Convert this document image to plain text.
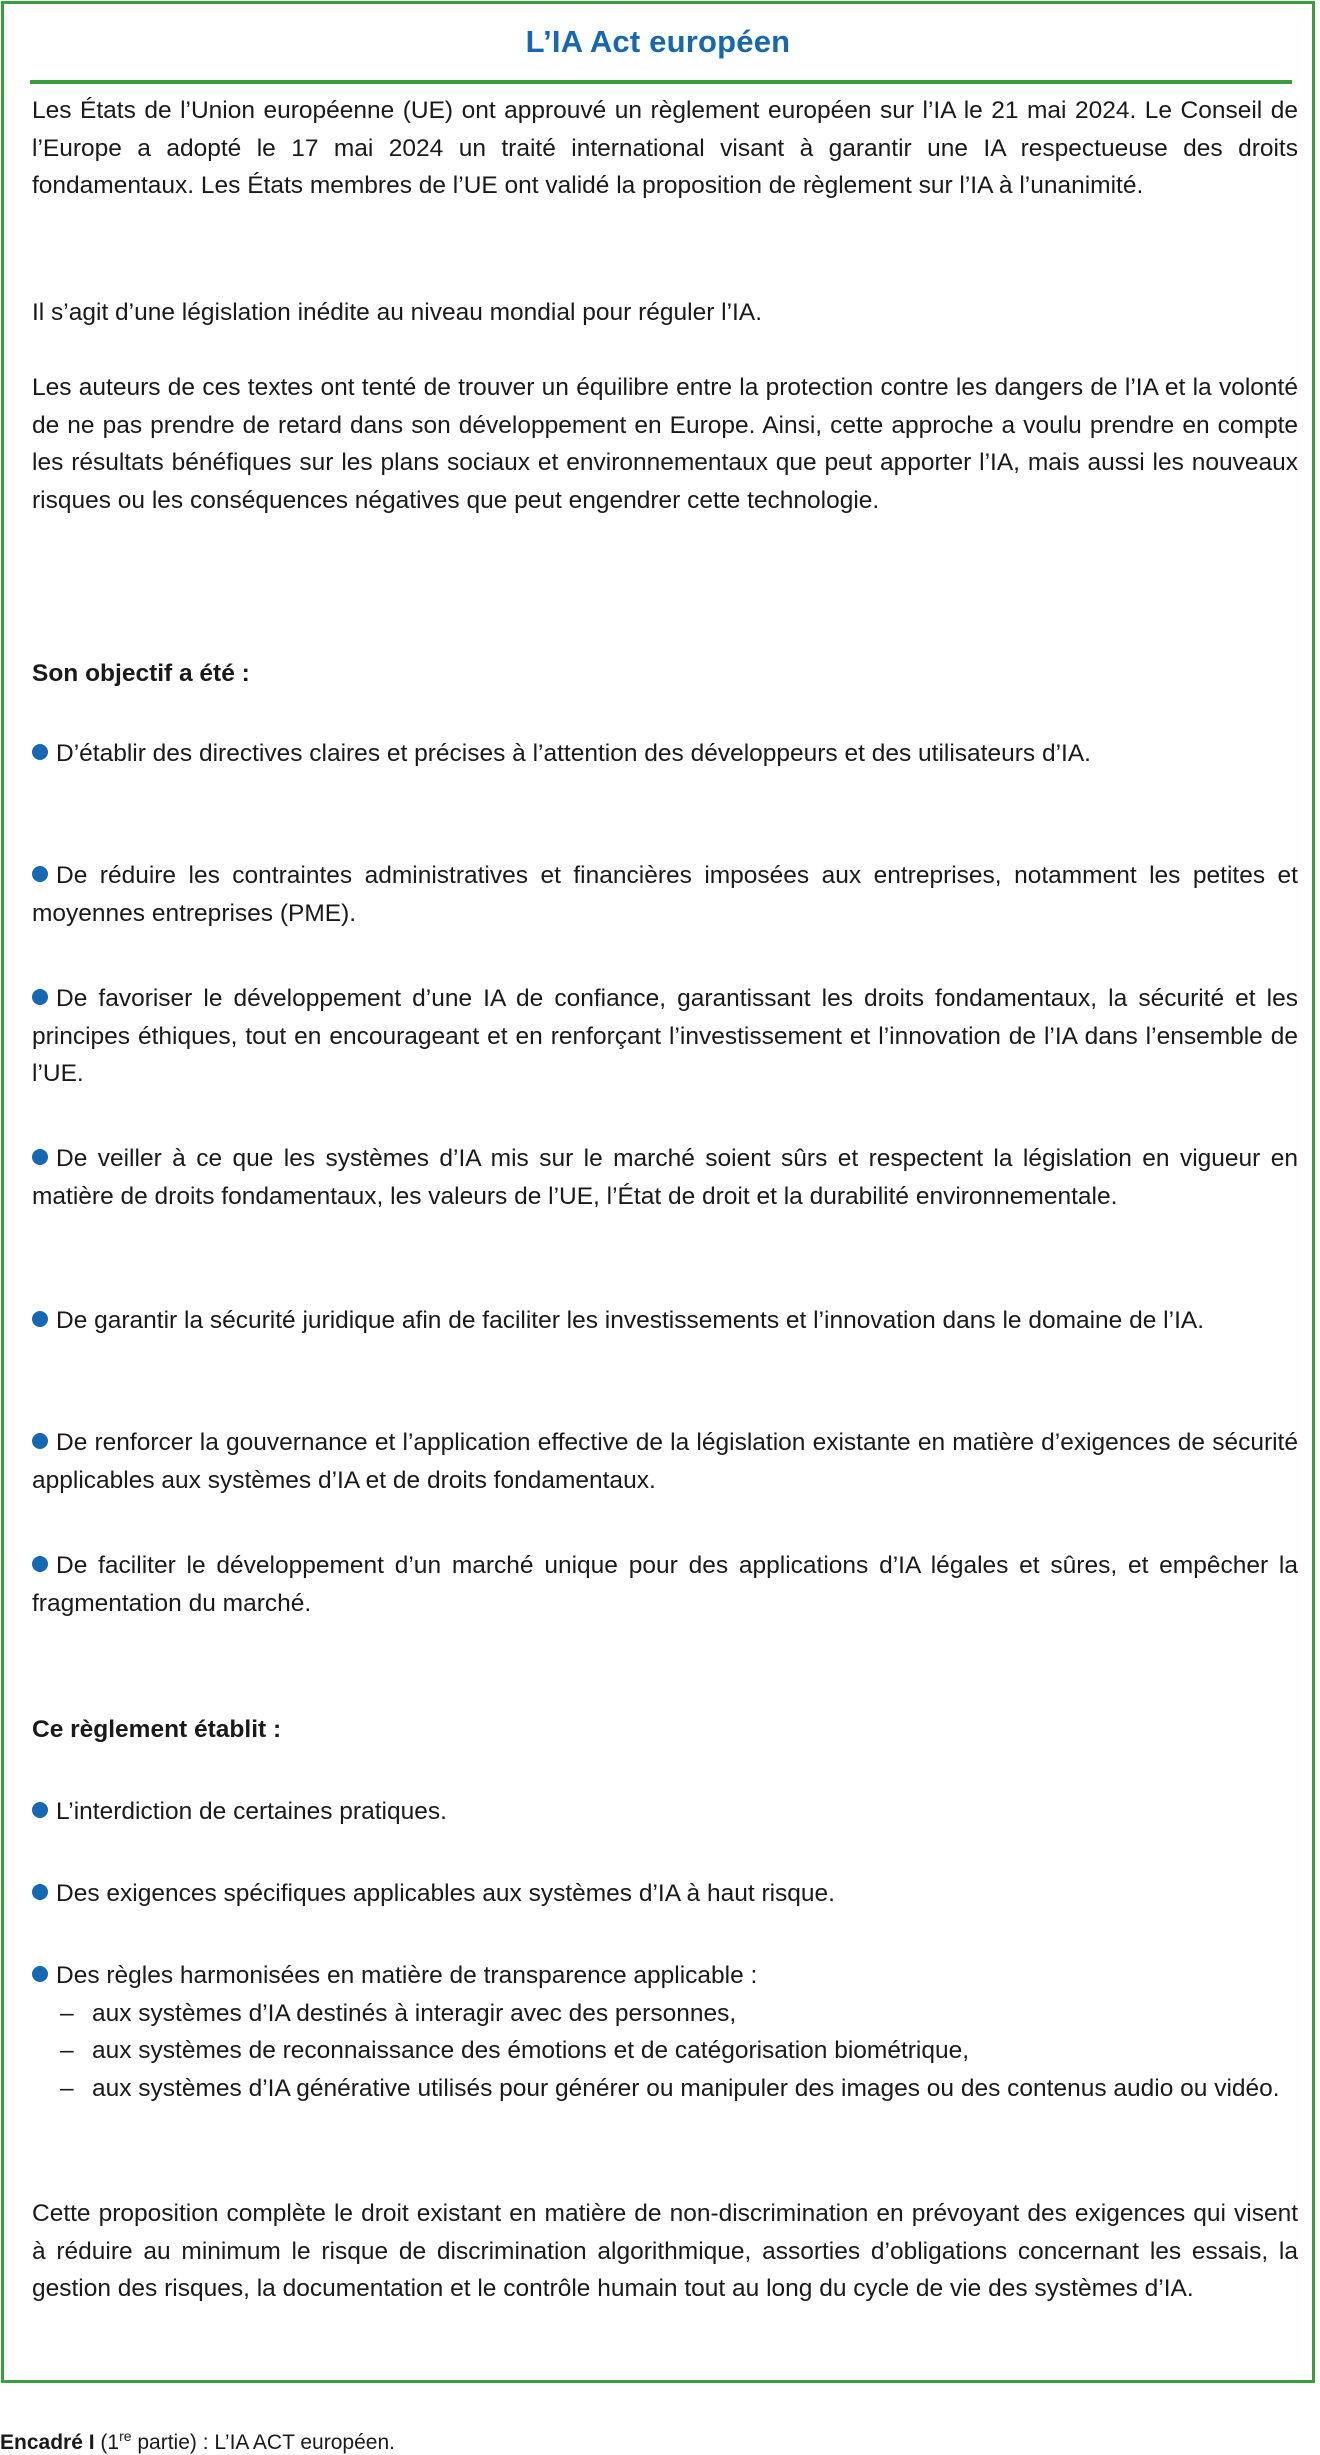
L’IA Act européen

Les États de l’Union européenne (UE) ont approuvé un règlement européen sur l’IA le 21 mai 2024. Le Conseil de l’Europe a adopté le 17 mai 2024 un traité international visant à garantir une IA respectueuse des droits fondamentaux. Les États membres de l’UE ont validé la proposition de règlement sur l’IA à l’unanimité.

Il s’agit d’une législation inédite au niveau mondial pour réguler l’IA.

Les auteurs de ces textes ont tenté de trouver un équilibre entre la protection contre les dangers de l’IA et la volonté de ne pas prendre de retard dans son développement en Europe. Ainsi, cette approche a voulu prendre en compte les résultats bénéfiques sur les plans sociaux et environnementaux que peut apporter l’IA, mais aussi les nouveaux risques ou les conséquences négatives que peut engendrer cette technologie.

Son objectif a été :

D’établir des directives claires et précises à l’attention des développeurs et des utilisateurs d’IA.

De réduire les contraintes administratives et financières imposées aux entreprises, notamment les petites et moyennes entreprises (PME).

De favoriser le développement d’une IA de confiance, garantissant les droits fondamentaux, la sécurité et les principes éthiques, tout en encourageant et en renforçant l’investissement et l’innovation de l’IA dans l’ensemble de l’UE.

De veiller à ce que les systèmes d’IA mis sur le marché soient sûrs et respectent la législation en vigueur en matière de droits fondamentaux, les valeurs de l’UE, l’État de droit et la durabilité environnementale.

De garantir la sécurité juridique afin de faciliter les investissements et l’innovation dans le domaine de l’IA.

De renforcer la gouvernance et l’application effective de la législation existante en matière d’exigences de sécurité applicables aux systèmes d’IA et de droits fondamentaux.

De faciliter le développement d’un marché unique pour des applications d’IA légales et sûres, et empêcher la fragmentation du marché.

Ce règlement établit :

L’interdiction de certaines pratiques.

Des exigences spécifiques applicables aux systèmes d’IA à haut risque.

Des règles harmonisées en matière de transparence applicable :

– aux systèmes d’IA destinés à interagir avec des personnes,
– aux systèmes de reconnaissance des émotions et de catégorisation biométrique,
– aux systèmes d’IA générative utilisés pour générer ou manipuler des images ou des contenus audio ou vidéo.

Cette proposition complète le droit existant en matière de non-discrimination en prévoyant des exigences qui visent à réduire au minimum le risque de discrimination algorithmique, assorties d’obligations concernant les essais, la gestion des risques, la documentation et le contrôle humain tout au long du cycle de vie des systèmes d’IA.

Encadré I (1re partie) : L’IA ACT européen.
